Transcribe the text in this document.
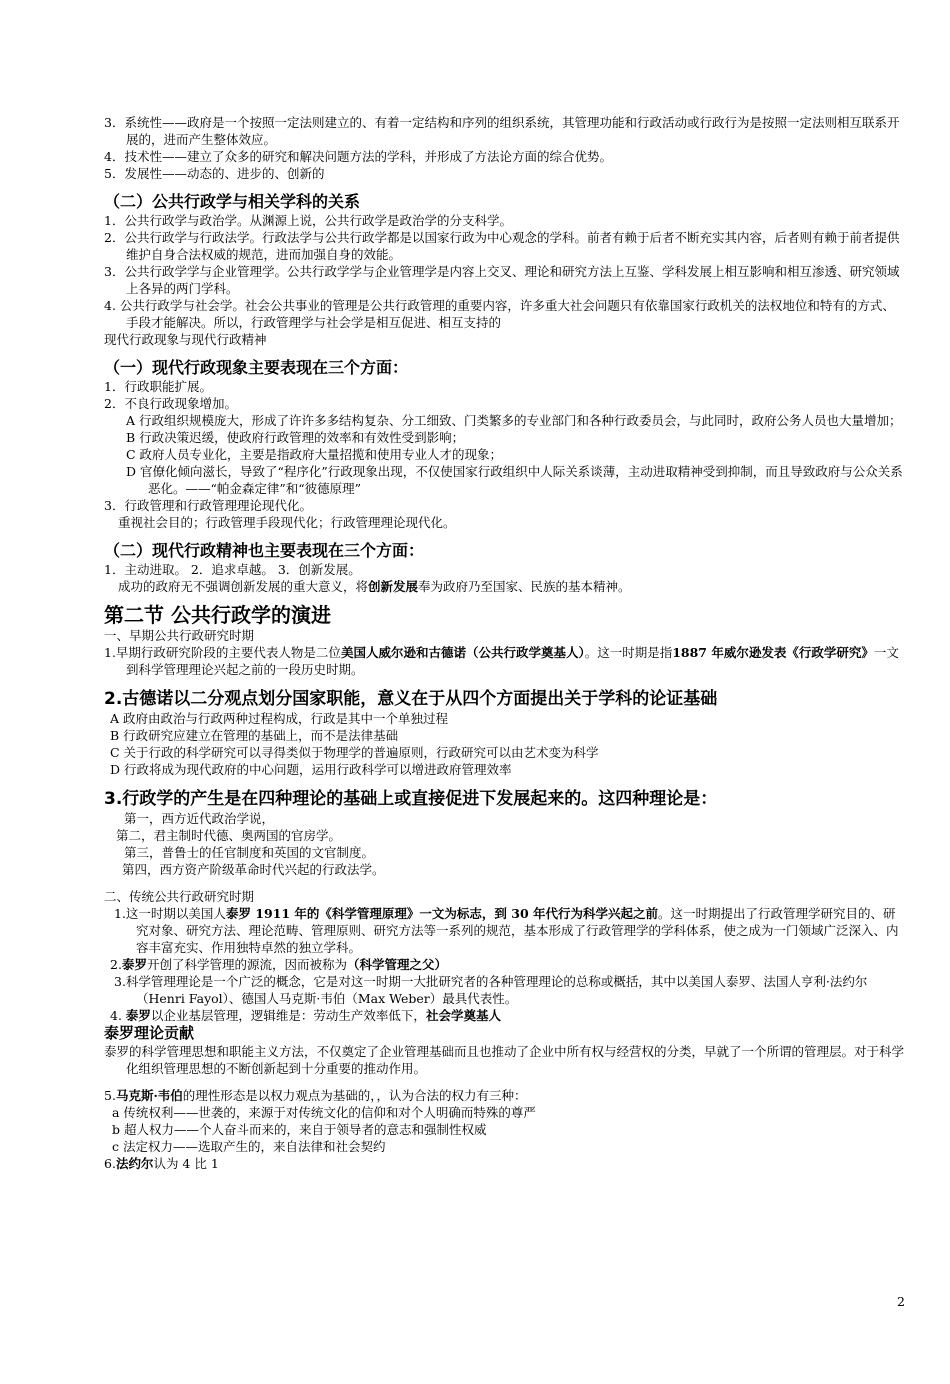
3．系统性——政府是一个按照一定法则建立的、有着一定结构和序列的组织系统，其管理功能和行政活动或行政行为是按照一定法则相互联系开展的，进而产生整体效应。
4．技术性——建立了众多的研究和解决问题方法的学科，并形成了方法论方面的综合优势。
5．发展性——动态的、进步的、创新的
（二）公共行政学与相关学科的关系
1．公共行政学与政治学。从渊源上说，公共行政学是政治学的分支科学。
2．公共行政学与行政法学。行政法学与公共行政学都是以国家行政为中心观念的学科。前者有赖于后者不断充实其内容，后者则有赖于前者提供维护自身合法权威的规范，进而加强自身的效能。
3．公共行政学学与企业管理学。公共行政学学与企业管理学是内容上交叉、理论和研究方法上互鉴、学科发展上相互影响和相互渗透、研究领域上各异的两门学科。
4. 公共行政学与社会学。社会公共事业的管理是公共行政管理的重要内容，许多重大社会问题只有依靠国家行政机关的法权地位和特有的方式、手段才能解决。所以，行政管理学与社会学是相互促进、相互支持的
现代行政现象与现代行政精神
（一）现代行政现象主要表现在三个方面：
1．行政职能扩展。
2．不良行政现象增加。
A 行政组织规模庞大，形成了许许多多结构复杂、分工细致、门类繁多的专业部门和各种行政委员会，与此同时，政府公务人员也大量增加；
B 行政决策迟缓，使政府行政管理的效率和有效性受到影响；
C 政府人员专业化，主要是指政府大量招揽和使用专业人才的现象；
D 官僚化倾向滋长，导致了“程序化”行政现象出现，不仅使国家行政组织中人际关系谈薄，主动进取精神受到抑制，而且导致政府与公众关系恶化。——“帕金森定律”和“彼德原理”
3．行政管理和行政管理理论现代化。
重视社会目的；行政管理手段现代化；行政管理理论现代化。
（二）现代行政精神也主要表现在三个方面：
1．主动进取。 2．追求卓越。 3．创新发展。
成功的政府无不强调创新发展的重大意义，将创新发展奉为政府乃至国家、民族的基本精神。
第二节 公共行政学的演进
一、早期公共行政研究时期
1.早期行政研究阶段的主要代表人物是二位美国人威尔逊和古德诺（公共行政学奠基人）。这一时期是指1887 年威尔逊发表《行政学研究》一文到科学管理理论兴起之前的一段历史时期。
2.古德诺以二分观点划分国家职能，意义在于从四个方面提出关于学科的论证基础
A 政府由政治与行政两种过程构成，行政是其中一个单独过程
B 行政研究应建立在管理的基础上，而不是法律基础
C 关于行政的科学研究可以寻得类似于物理学的普遍原则，行政研究可以由艺术变为科学
D 行政将成为现代政府的中心问题，运用行政科学可以增进政府管理效率
3.行政学的产生是在四种理论的基础上或直接促进下发展起来的。这四种理论是：
第一，西方近代政治学说，
第二，君主制时代德、奥两国的官房学。
第三，普鲁士的任官制度和英国的文官制度。
第四，西方资产阶级革命时代兴起的行政法学。
二、传统公共行政研究时期
1.这一时期以美国人泰罗 1911 年的《科学管理原理》一文为标志，到 30 年代行为科学兴起之前。这一时期提出了行政管理学研究目的、研究对象、研究方法、理论范畴、管理原则、研究方法等一系列的规范，基本形成了行政管理学的学科体系，使之成为一门领域广泛深入、内容丰富充实、作用独特卓然的独立学科。
2.泰罗开创了科学管理的源流，因而被称为（科学管理之父）
3.科学管理理论是一个广泛的概念，它是对这一时期一大批研究者的各种管理理论的总称或概括，其中以美国人泰罗、法国人亨利·法约尔（Henri Fayol）、德国人马克斯·韦伯（Max Weber）最具代表性。
4. 泰罗以企业基层管理，逻辑维是：劳动生产效率低下，社会学奠基人
泰罗理论贡献
泰罗的科学管理思想和职能主义方法，不仅奠定了企业管理基础而且也推动了企业中所有权与经营权的分类，早就了一个所谓的管理层。对于科学化组织管理思想的不断创新起到十分重要的推动作用。
5.马克斯·韦伯的理性形态是以权力观点为基础的，，认为合法的权力有三种：
a 传统权利——世袭的，来源于对传统文化的信仰和对个人明确而特殊的尊严
b 超人权力——个人奋斗而来的，来自于领导者的意志和强制性权威
c 法定权力——选取产生的，来自法律和社会契约
6.法约尔认为 4 比 1
2
